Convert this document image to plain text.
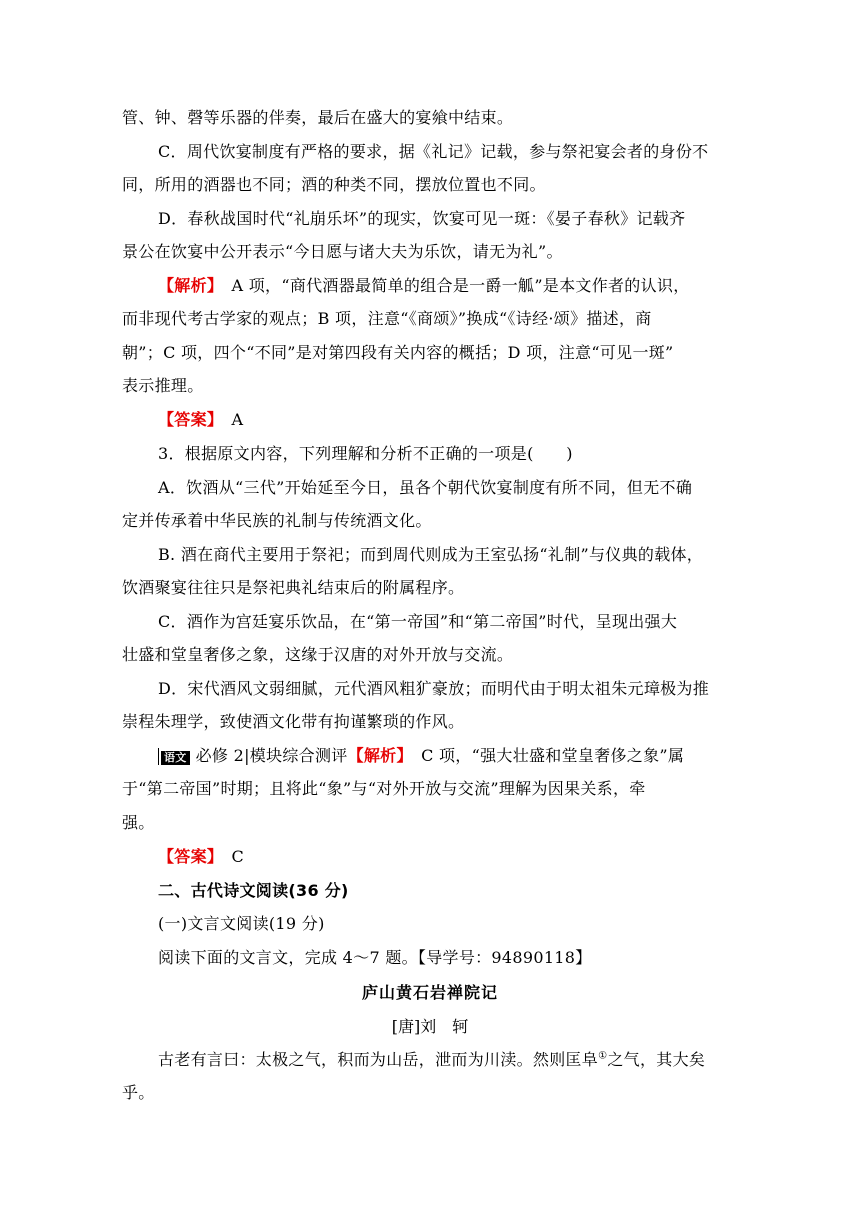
管、钟、磬等乐器的伴奏，最后在盛大的宴飨中结束。
C．周代饮宴制度有严格的要求，据《礼记》记载，参与祭祀宴会者的身份不
同，所用的酒器也不同；酒的种类不同，摆放位置也不同。
D．春秋战国时代“礼崩乐坏”的现实，饮宴可见一斑：《晏子春秋》记载齐
景公在饮宴中公开表示“今日愿与诸大夫为乐饮，请无为礼”。
【解析】　A 项，“商代酒器最简单的组合是一爵一觚”是本文作者的认识，
而非现代考古学家的观点；B 项，注意“《商颂》”换成“《诗经·颂》描述，商
朝”；C 项，四个“不同”是对第四段有关内容的概括；D 项，注意“可见一斑”
表示推理。
【答案】　A
3．根据原文内容，下列理解和分析不正确的一项是(　　)
A．饮酒从“三代”开始延至今日，虽各个朝代饮宴制度有所不同，但无不确
定并传承着中华民族的礼制与传统酒文化。
B. 酒在商代主要用于祭祀；而到周代则成为王室弘扬“礼制”与仪典的载体，
饮酒聚宴往往只是祭祀典礼结束后的附属程序。
C．酒作为宫廷宴乐饮品，在“第一帝国”和“第二帝国”时代，呈现出强大
壮盛和堂皇奢侈之象，这缘于汉唐的对外开放与交流。
D．宋代酒风文弱细腻，元代酒风粗犷豪放；而明代由于明太祖朱元璋极为推
崇程朱理学，致使酒文化带有拘谨繁琐的作风。
语文 必修 2|模块综合测评【解析】　C 项，“强大壮盛和堂皇奢侈之象”属
于“第二帝国”时期；且将此“象”与“对外开放与交流”理解为因果关系，牵
强。
【答案】　C
二、古代诗文阅读(36 分)
(一)文言文阅读(19 分)
阅读下面的文言文，完成 4～7 题。【导学号：94890118】
庐山黄石岩禅院记
[唐]刘　轲
古老有言曰：太极之气，积而为山岳，泄而为川渎。然则匡阜①之气，其大矣
乎。
